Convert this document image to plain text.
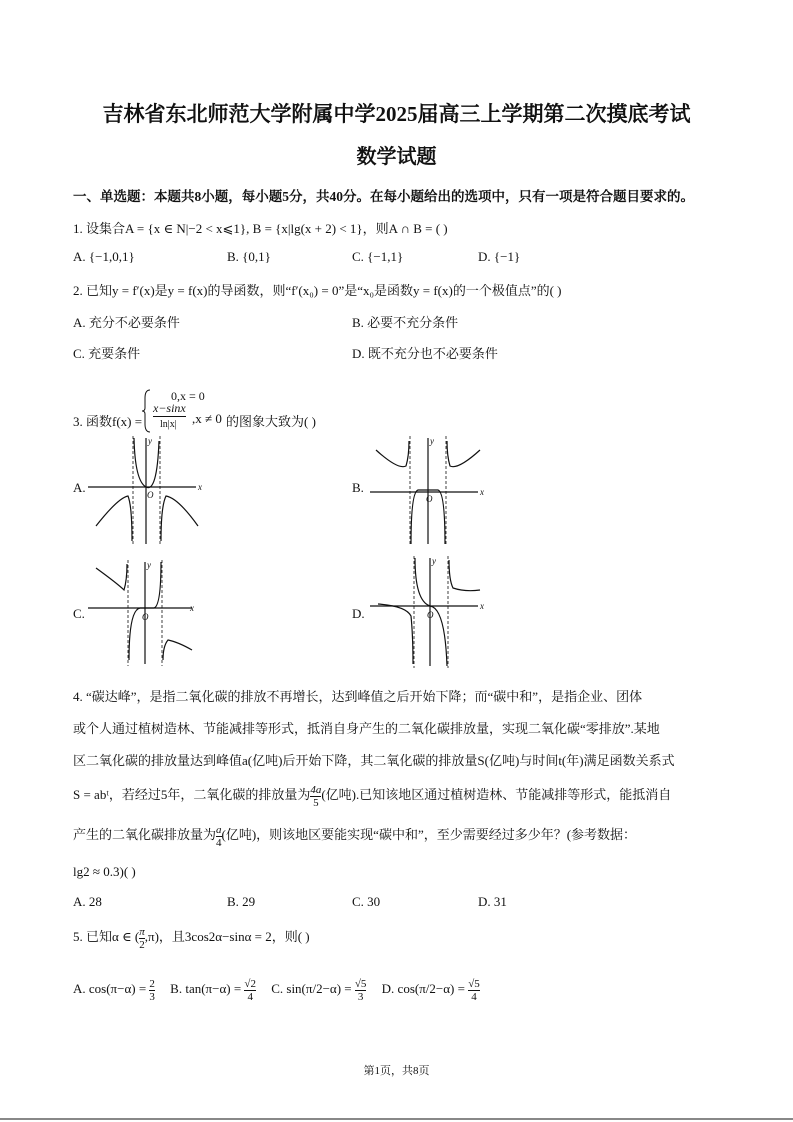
吉林省东北师范大学附属中学2025届高三上学期第二次摸底考试
数学试题
一、单选题：本题共8小题，每小题5分，共40分。在每小题给出的选项中，只有一项是符合题目要求的。
1. 设集合A = {x ∈ N|−2 < x⩽1}, B = {x|lg(x + 2) < 1}，则A ∩ B = ( )
A. {−1,0,1}	B. {0,1}	C. {−1,1}	D. {−1}
2. 已知y = f′(x)是y = f(x)的导函数，则“f′(x₀) = 0”是“x₀是函数y = f(x)的一个极值点”的( )
A. 充分不必要条件	B. 必要不充分条件
C. 充要条件	D. 既不充分也不必要条件
3. 函数f(x) =
0,x = 0
x−sinx
ln|x| ,x ≠ 0 的图象大致为( )
A.	B.
C.	D.
x
y
O	x
y
O
x
y
O
x
y
O
4. “碳达峰”，是指二氧化碳的排放不再增长，达到峰值之后开始下降；而“碳中和”，是指企业、团体
或个人通过植树造林、节能减排等形式，抵消自身产生的二氧化碳排放量，实现二氧化碳“零排放”.某地
区二氧化碳的排放量达到峰值a(亿吨)后开始下降，其二氧化碳的排放量S(亿吨)与时间t(年)满足函数关系式
S = abᵗ，若经过5年，二氧化碳的排放量为 $\frac{4a}{5}$ (亿吨).已知该地区通过植树造林、节能减排等形式，能抵消自
产生的二氧化碳排放量为 $\frac{a}{4}$ (亿吨)，则该地区要能实现“碳中和”，至少需要经过多少年？(参考数据：
lg2 ≈ 0.3)( )
A. 28	B. 29	C. 30	D. 31
5. 已知α ∈ ( $\frac{\pi}{2} ,\pi$)，且3cos2α−sinα = 2，则( )
A. $\cos(\pi-\alpha) = \frac{2}{3} B$. $\tan(\pi-\alpha) = \frac{√2}{4} C$. $\sin(\pi/2-\alpha) = \frac{√5}{3} D$. $\cos(\pi/2-\alpha) = \frac{√5}{4}$
第1页，共8页
